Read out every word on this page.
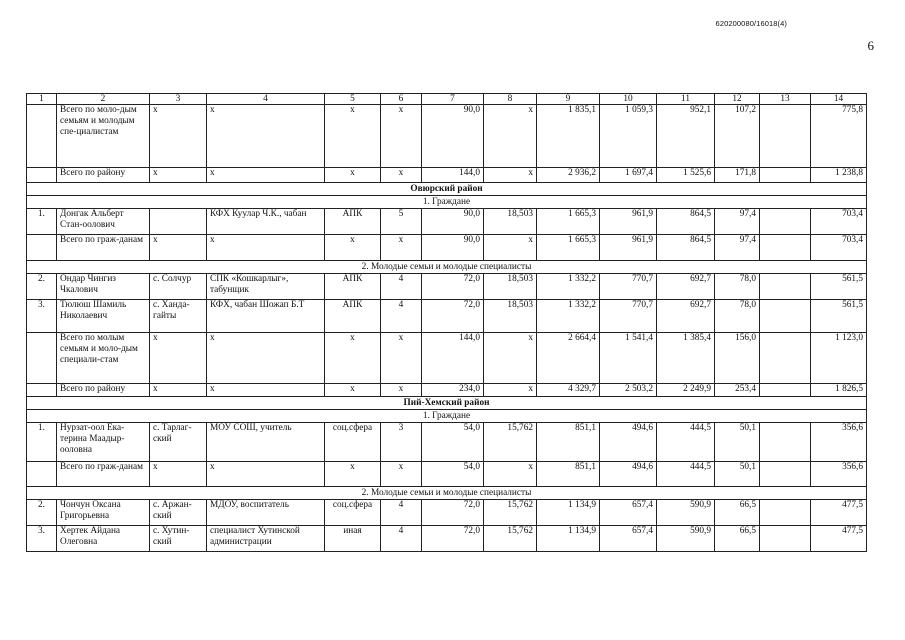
620200080/16018(4)
6
1	2	3	4	5	6	7	8	9	10	11	12	13	14
	Всего по моло-дым семьям и молодым спе-циалистам	х	х	х	х	90,0	х	1 835,1	1 059,3	952,1	107,2		775,8
	Всего по району	х	х	х	х	144,0	х	2 936,2	1 697,4	1 525,6	171,8		1 238,8
Овюрский район													
1. Граждане													
1.	Донгак Альберт Стан-оолович		КФХ Куулар Ч.К., чабан	АПК	5	90,0	18,503	1 665,3	961,9	864,5	97,4		703,4
	Всего по граж-данам	х	х	х	х	90,0	х	1 665,3	961,9	864,5	97,4		703,4
2. Молодые семьи и молодые специалисты													
2.	Ондар Чингиз Чкалович	с. Солчур	СПК «Кошкарлыг», табунщик	АПК	4	72,0	18,503	1 332,2	770,7	692,7	78,0		561,5
3.	Тюлюш Шамиль Николаевич	с. Ханда-гайты	КФХ, чабан Шожап Б.Т	АПК	4	72,0	18,503	1 332,2	770,7	692,7	78,0		561,5
	Всего по молым семьям и моло-дым специали-стам	х	х	х	х	144,0	х	2 664,4	1 541,4	1 385,4	156,0		1 123,0
	Всего по району	х	х	х	х	234,0	х	4 329,7	2 503,2	2 249,9	253,4		1 826,5
Пий-Хемский район													
1. Граждане													
1.	Нурзат-оол Ека-терина Маадыр-ооловна	с. Тарлаг-ский	МОУ СОШ, учитель	соц.сфера	3	54,0	15,762	851,1	494,6	444,5	50,1		356,6
	Всего по граж-данам	х	х	х	х	54,0	х	851,1	494,6	444,5	50,1		356,6
2. Молодые семьи и молодые специалисты													
2.	Чончун Оксана Григорьевна	с. Аржан-ский	МДОУ, воспитатель	соц.сфера	4	72,0	15,762	1 134,9	657,4	590,9	66,5		477,5
3.	Хертек Айдана Олеговна	с. Хутин-ский	специалист Хутинской администрации	иная	4	72,0	15,762	1 134,9	657,4	590,9	66,5		477,5
